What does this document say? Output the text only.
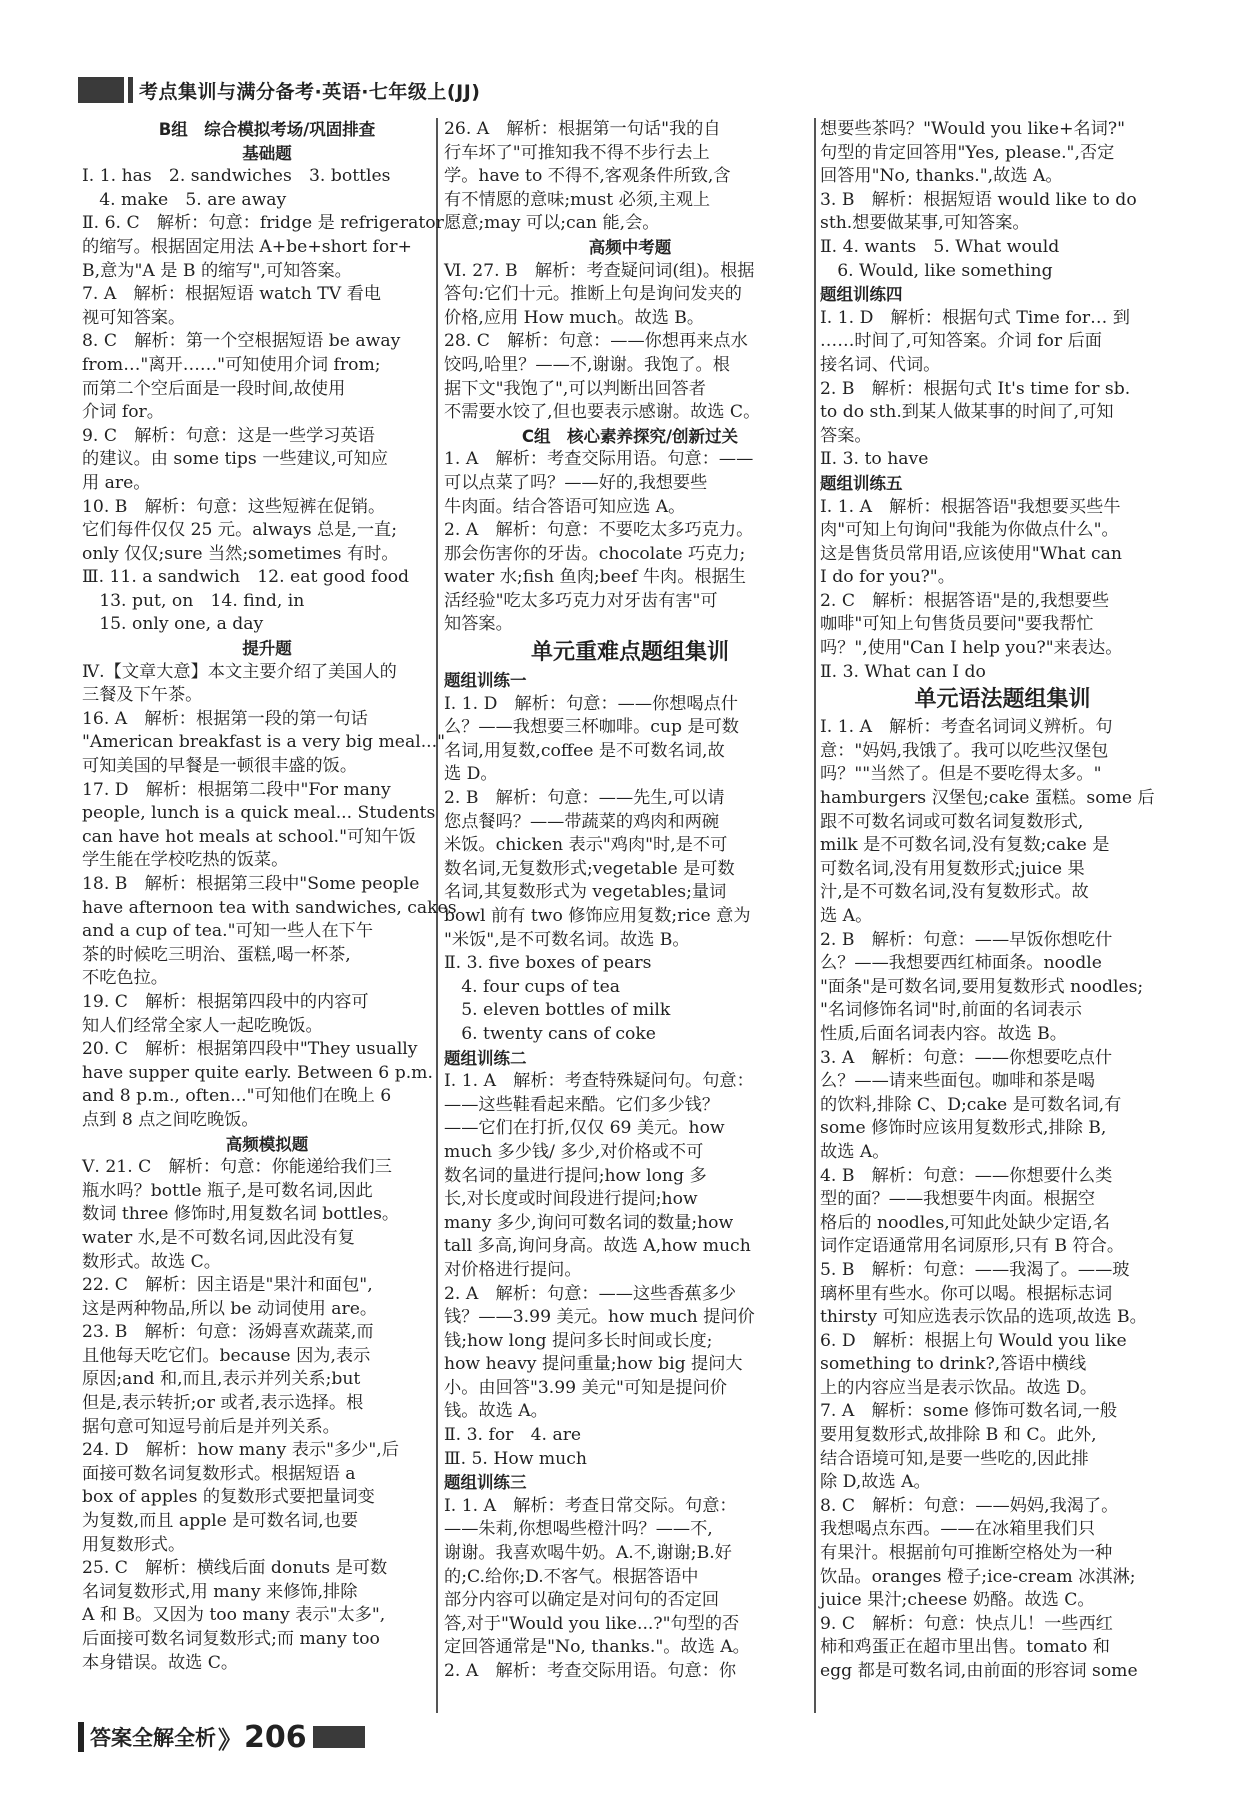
考点集训与满分备考·英语·七年级上(JJ)
B组　综合模拟考场/巩固排查
基础题
Ⅰ. 1. has　2. sandwiches　3. bottles
　4. make　5. are away
Ⅱ. 6. C　解析：句意：fridge 是 refrigerator
的缩写。根据固定用法 A+be+short for+
B,意为"A 是 B 的缩写",可知答案。
7. A　解析：根据短语 watch TV 看电
视可知答案。
8. C　解析：第一个空根据短语 be away
from…"离开……"可知使用介词 from;
而第二个空后面是一段时间,故使用
介词 for。
9. C　解析：句意：这是一些学习英语
的建议。由 some tips 一些建议,可知应
用 are。
10. B　解析：句意：这些短裤在促销。
它们每件仅仅 25 元。always 总是,一直;
only 仅仅;sure 当然;sometimes 有时。
Ⅲ. 11. a sandwich　12. eat good food
　13. put, on　14. find, in
　15. only one, a day
提升题
Ⅳ.【文章大意】本文主要介绍了美国人的
三餐及下午茶。
16. A　解析：根据第一段的第一句话
"American breakfast is a very big meal..."
可知美国的早餐是一顿很丰盛的饭。
17. D　解析：根据第二段中"For many
people, lunch is a quick meal... Students
can have hot meals at school."可知午饭
学生能在学校吃热的饭菜。
18. B　解析：根据第三段中"Some people
have afternoon tea with sandwiches, cakes
and a cup of tea."可知一些人在下午
茶的时候吃三明治、蛋糕,喝一杯茶,
不吃色拉。
19. C　解析：根据第四段中的内容可
知人们经常全家人一起吃晚饭。
20. C　解析：根据第四段中"They usually
have supper quite early. Between 6 p.m.
and 8 p.m., often..."可知他们在晚上 6
点到 8 点之间吃晚饭。
高频模拟题
Ⅴ. 21. C　解析：句意：你能递给我们三
瓶水吗？bottle 瓶子,是可数名词,因此
数词 three 修饰时,用复数名词 bottles。
water 水,是不可数名词,因此没有复
数形式。故选 C。
22. C　解析：因主语是"果汁和面包",
这是两种物品,所以 be 动词使用 are。
23. B　解析：句意：汤姆喜欢蔬菜,而
且他每天吃它们。because 因为,表示
原因;and 和,而且,表示并列关系;but
但是,表示转折;or 或者,表示选择。根
据句意可知逗号前后是并列关系。
24. D　解析：how many 表示"多少",后
面接可数名词复数形式。根据短语 a
box of apples 的复数形式要把量词变
为复数,而且 apple 是可数名词,也要
用复数形式。
25. C　解析：横线后面 donuts 是可数
名词复数形式,用 many 来修饰,排除
A 和 B。又因为 too many 表示"太多",
后面接可数名词复数形式;而 many too
本身错误。故选 C。
26. A　解析：根据第一句话"我的自
行车坏了"可推知我不得不步行去上
学。have to 不得不,客观条件所致,含
有不情愿的意味;must 必须,主观上
愿意;may 可以;can 能,会。
高频中考题
Ⅵ. 27. B　解析：考查疑问词(组)。根据
答句:它们十元。推断上句是询问发夹的
价格,应用 How much。故选 B。
28. C　解析：句意：——你想再来点水
饺吗,哈里？——不,谢谢。我饱了。根
据下文"我饱了",可以判断出回答者
不需要水饺了,但也要表示感谢。故选 C。
C组　核心素养探究/创新过关
1. A　解析：考查交际用语。句意：——
可以点菜了吗？——好的,我想要些
牛肉面。结合答语可知应选 A。
2. A　解析：句意：不要吃太多巧克力。
那会伤害你的牙齿。chocolate 巧克力;
water 水;fish 鱼肉;beef 牛肉。根据生
活经验"吃太多巧克力对牙齿有害"可
知答案。
单元重难点题组集训
题组训练一
Ⅰ. 1. D　解析：句意：——你想喝点什
么？——我想要三杯咖啡。cup 是可数
名词,用复数,coffee 是不可数名词,故
选 D。
2. B　解析：句意：——先生,可以请
您点餐吗？——带蔬菜的鸡肉和两碗
米饭。chicken 表示"鸡肉"时,是不可
数名词,无复数形式;vegetable 是可数
名词,其复数形式为 vegetables;量词
bowl 前有 two 修饰应用复数;rice 意为
"米饭",是不可数名词。故选 B。
Ⅱ. 3. five boxes of pears
　4. four cups of tea
　5. eleven bottles of milk
　6. twenty cans of coke
题组训练二
Ⅰ. 1. A　解析：考查特殊疑问句。句意：
——这些鞋看起来酷。它们多少钱？
——它们在打折,仅仅 69 美元。how
much 多少钱/ 多少,对价格或不可
数名词的量进行提问;how long 多
长,对长度或时间段进行提问;how
many 多少,询问可数名词的数量;how
tall 多高,询问身高。故选 A,how much
对价格进行提问。
2. A　解析：句意：——这些香蕉多少
钱？——3.99 美元。how much 提问价
钱;how long 提问多长时间或长度;
how heavy 提问重量;how big 提问大
小。由回答"3.99 美元"可知是提问价
钱。故选 A。
Ⅱ. 3. for　4. are
Ⅲ. 5. How much
题组训练三
Ⅰ. 1. A　解析：考查日常交际。句意：
——朱莉,你想喝些橙汁吗？——不,
谢谢。我喜欢喝牛奶。A.不,谢谢;B.好
的;C.给你;D.不客气。根据答语中
部分内容可以确定是对问句的否定回
答,对于"Would you like...?"句型的否
定回答通常是"No, thanks."。故选 A。
2. A　解析：考查交际用语。句意：你
想要些茶吗？"Would you like+名词?"
句型的肯定回答用"Yes, please.",否定
回答用"No, thanks.",故选 A。
3. B　解析：根据短语 would like to do
sth.想要做某事,可知答案。
Ⅱ. 4. wants　5. What would
　6. Would, like something
题组训练四
Ⅰ. 1. D　解析：根据句式 Time for… 到
……时间了,可知答案。介词 for 后面
接名词、代词。
2. B　解析：根据句式 It's time for sb.
to do sth.到某人做某事的时间了,可知
答案。
Ⅱ. 3. to have
题组训练五
Ⅰ. 1. A　解析：根据答语"我想要买些牛
肉"可知上句询问"我能为你做点什么"。
这是售货员常用语,应该使用"What can
I do for you?"。
2. C　解析：根据答语"是的,我想要些
咖啡"可知上句售货员要问"要我帮忙
吗？",使用"Can I help you?"来表达。
Ⅱ. 3. What can I do
单元语法题组集训
Ⅰ. 1. A　解析：考查名词词义辨析。句
意："妈妈,我饿了。我可以吃些汉堡包
吗？""当然了。但是不要吃得太多。"
hamburgers 汉堡包;cake 蛋糕。some 后
跟不可数名词或可数名词复数形式,
milk 是不可数名词,没有复数;cake 是
可数名词,没有用复数形式;juice 果
汁,是不可数名词,没有复数形式。故
选 A。
2. B　解析：句意：——早饭你想吃什
么？——我想要西红柿面条。noodle
"面条"是可数名词,要用复数形式 noodles;
"名词修饰名词"时,前面的名词表示
性质,后面名词表内容。故选 B。
3. A　解析：句意：——你想要吃点什
么？——请来些面包。咖啡和茶是喝
的饮料,排除 C、D;cake 是可数名词,有
some 修饰时应该用复数形式,排除 B,
故选 A。
4. B　解析：句意：——你想要什么类
型的面？——我想要牛肉面。根据空
格后的 noodles,可知此处缺少定语,名
词作定语通常用名词原形,只有 B 符合。
5. B　解析：句意：——我渴了。——玻
璃杯里有些水。你可以喝。根据标志词
thirsty 可知应选表示饮品的选项,故选 B。
6. D　解析：根据上句 Would you like
something to drink?,答语中横线
上的内容应当是表示饮品。故选 D。
7. A　解析：some 修饰可数名词,一般
要用复数形式,故排除 B 和 C。此外,
结合语境可知,是要一些吃的,因此排
除 D,故选 A。
8. C　解析：句意：——妈妈,我渴了。
我想喝点东西。——在冰箱里我们只
有果汁。根据前句可推断空格处为一种
饮品。oranges 橙子;ice-cream 冰淇淋;
juice 果汁;cheese 奶酪。故选 C。
9. C　解析：句意：快点儿！一些西红
柿和鸡蛋正在超市里出售。tomato 和
egg 都是可数名词,由前面的形容词 some
答案全解全析 》 206
